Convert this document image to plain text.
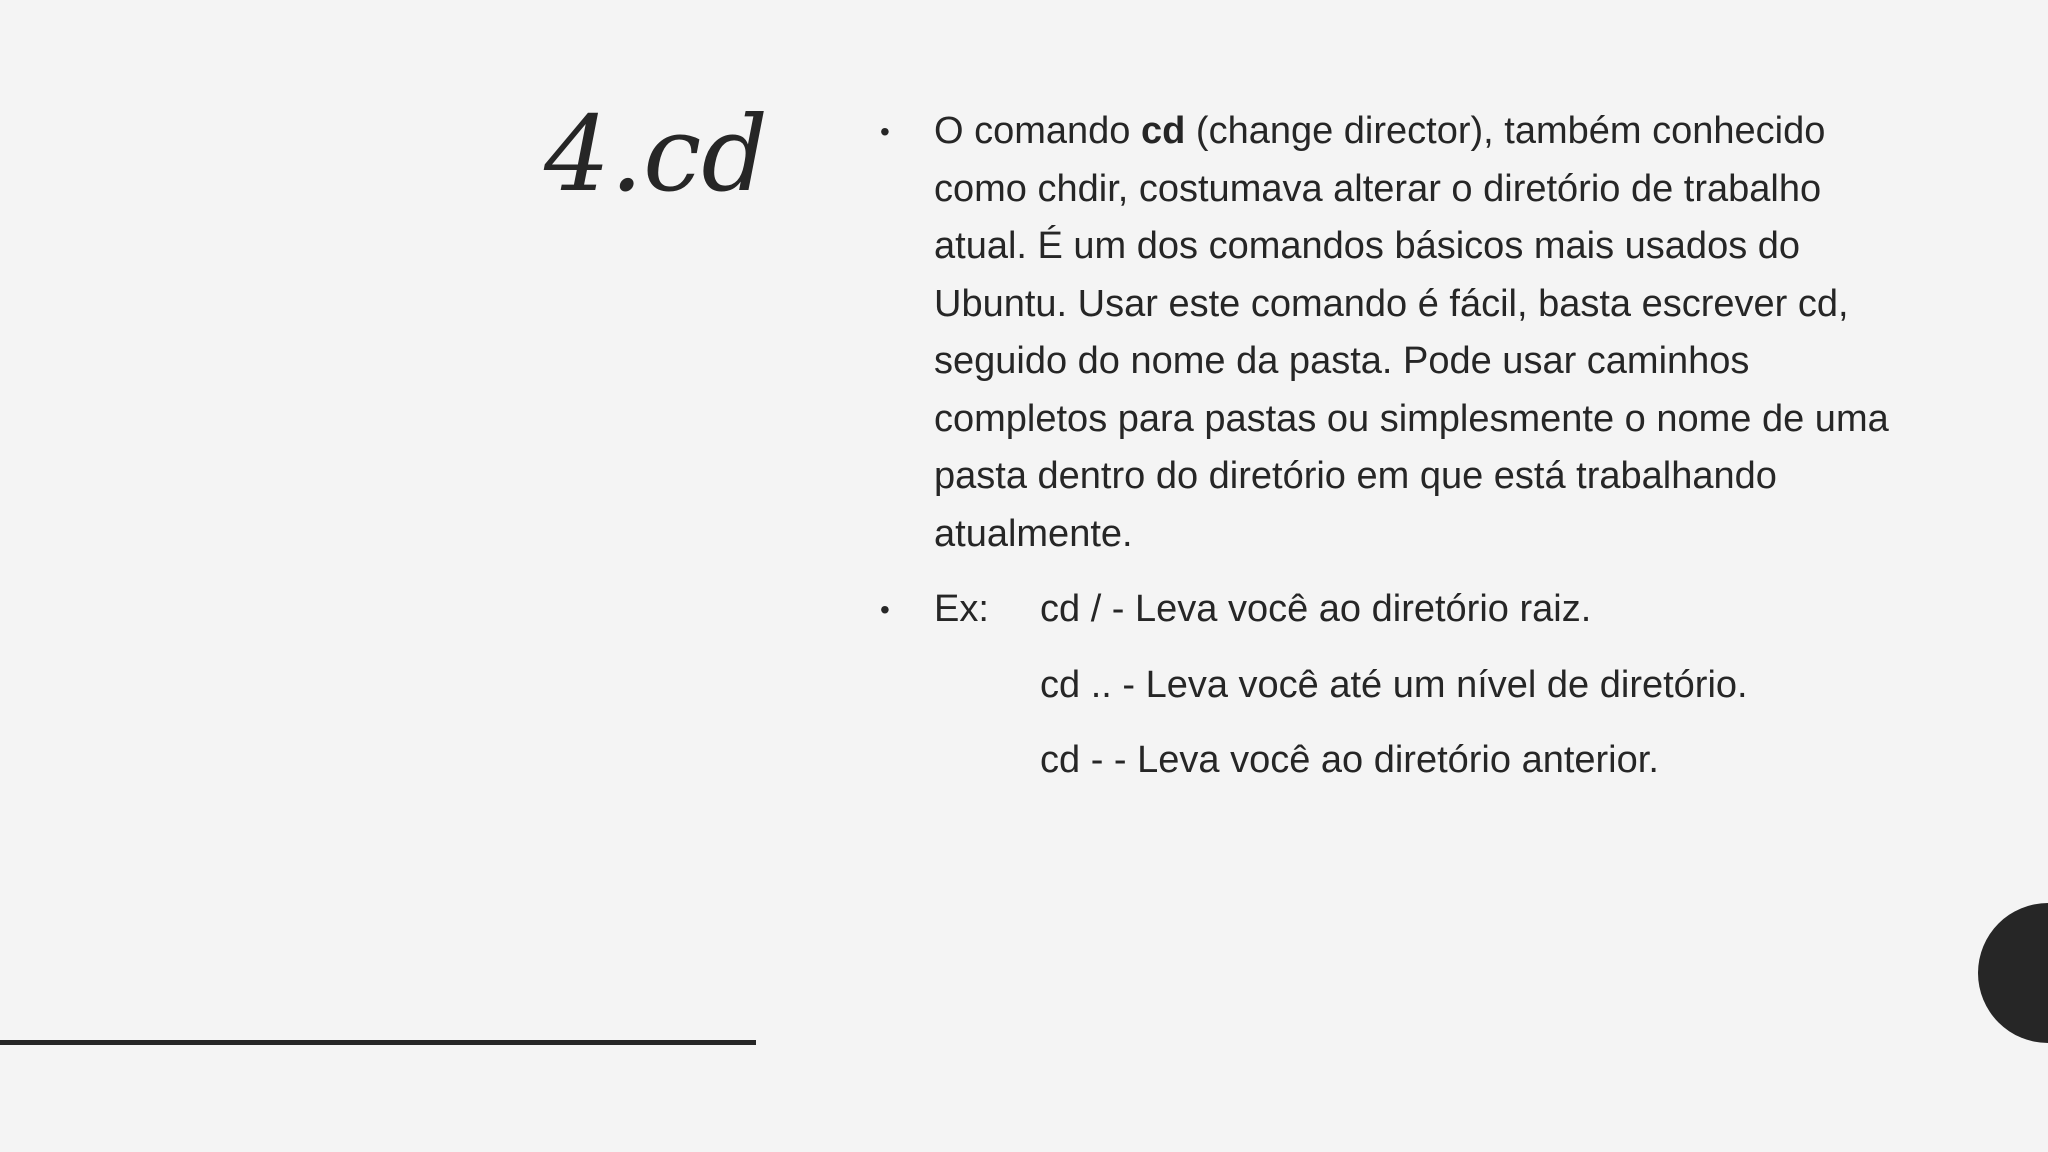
4.cd	• O comando cd (change director), também conhecido como chdir, costumava alterar o diretório de trabalho atual. É um dos comandos básicos mais usados do Ubuntu. Usar este comando é fácil, basta escrever cd, seguido do nome da pasta. Pode usar caminhos completos para pastas ou simplesmente o nome de uma pasta dentro do diretório em que está trabalhando atualmente.
• Ex:	cd / - Leva você ao diretório raiz.
cd .. - Leva você até um nível de diretório.
cd - - Leva você ao diretório anterior.
